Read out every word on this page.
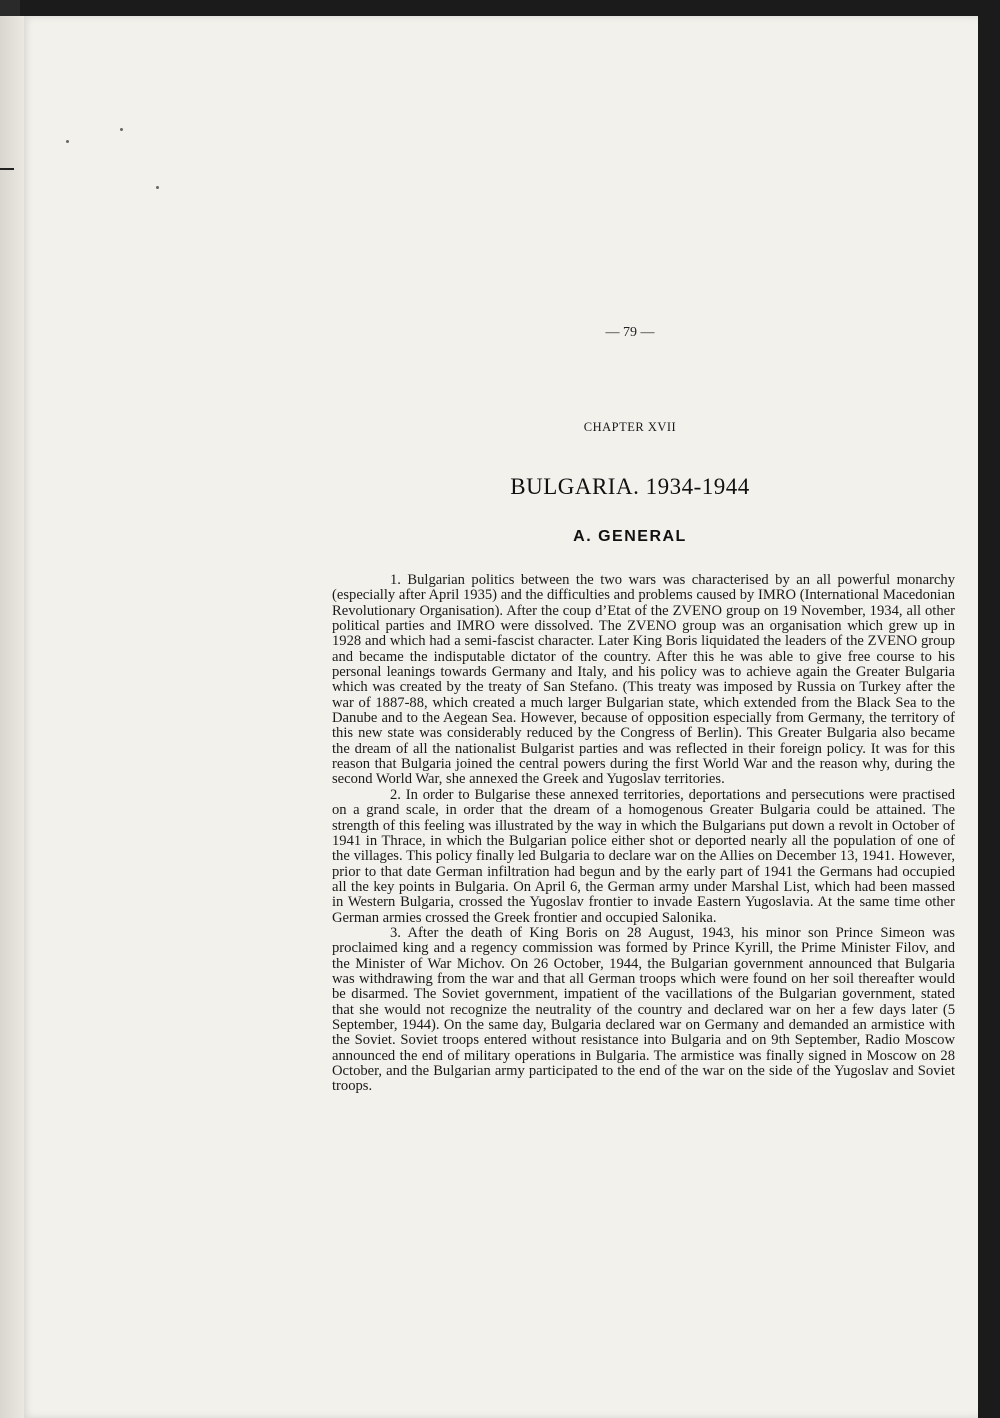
— 79 —
CHAPTER XVII
BULGARIA. 1934-1944
A. GENERAL

1. Bulgarian politics between the two wars was characterised by an all powerful monarchy (especially after April 1935) and the difficulties and problems caused by IMRO (International Macedonian Revolutionary Organisation). After the coup d’Etat of the ZVENO group on 19 November, 1934, all other political parties and IMRO were dissolved. The ZVENO group was an organisation which grew up in 1928 and which had a semi-fascist character. Later King Boris liquidated the leaders of the ZVENO group and became the indisputable dictator of the country. After this he was able to give free course to his personal leanings towards Germany and Italy, and his policy was to achieve again the Greater Bulgaria which was created by the treaty of San Stefano. (This treaty was imposed by Russia on Turkey after the war of 1887-88, which created a much larger Bulgarian state, which extended from the Black Sea to the Danube and to the Aegean Sea. However, because of opposition especially from Germany, the territory of this new state was considerably reduced by the Congress of Berlin). This Greater Bulgaria also became the dream of all the nationalist Bulgarist parties and was reflected in their foreign policy. It was for this reason that Bulgaria joined the central powers during the first World War and the reason why, during the second World War, she annexed the Greek and Yugoslav territories.

2. In order to Bulgarise these annexed territories, deportations and persecutions were practised on a grand scale, in order that the dream of a homogenous Greater Bulgaria could be attained. The strength of this feeling was illustrated by the way in which the Bulgarians put down a revolt in October of 1941 in Thrace, in which the Bulgarian police either shot or deported nearly all the population of one of the villages. This policy finally led Bulgaria to declare war on the Allies on December 13, 1941. However, prior to that date German infiltration had begun and by the early part of 1941 the Germans had occupied all the key points in Bulgaria. On April 6, the German army under Marshal List, which had been massed in Western Bulgaria, crossed the Yugoslav frontier to invade Eastern Yugoslavia. At the same time other German armies crossed the Greek frontier and occupied Salonika.

3. After the death of King Boris on 28 August, 1943, his minor son Prince Simeon was proclaimed king and a regency commission was formed by Prince Kyrill, the Prime Minister Filov, and the Minister of War Michov. On 26 October, 1944, the Bulgarian government announced that Bulgaria was withdrawing from the war and that all German troops which were found on her soil thereafter would be disarmed. The Soviet government, impatient of the vacillations of the Bulgarian government, stated that she would not recognize the neutrality of the country and declared war on her a few days later (5 September, 1944). On the same day, Bulgaria declared war on Germany and demanded an armistice with the Soviet. Soviet troops entered without resistance into Bulgaria and on 9th September, Radio Moscow announced the end of military operations in Bulgaria. The armistice was finally signed in Moscow on 28 October, and the Bulgarian army participated to the end of the war on the side of the Yugoslav and Soviet troops.
